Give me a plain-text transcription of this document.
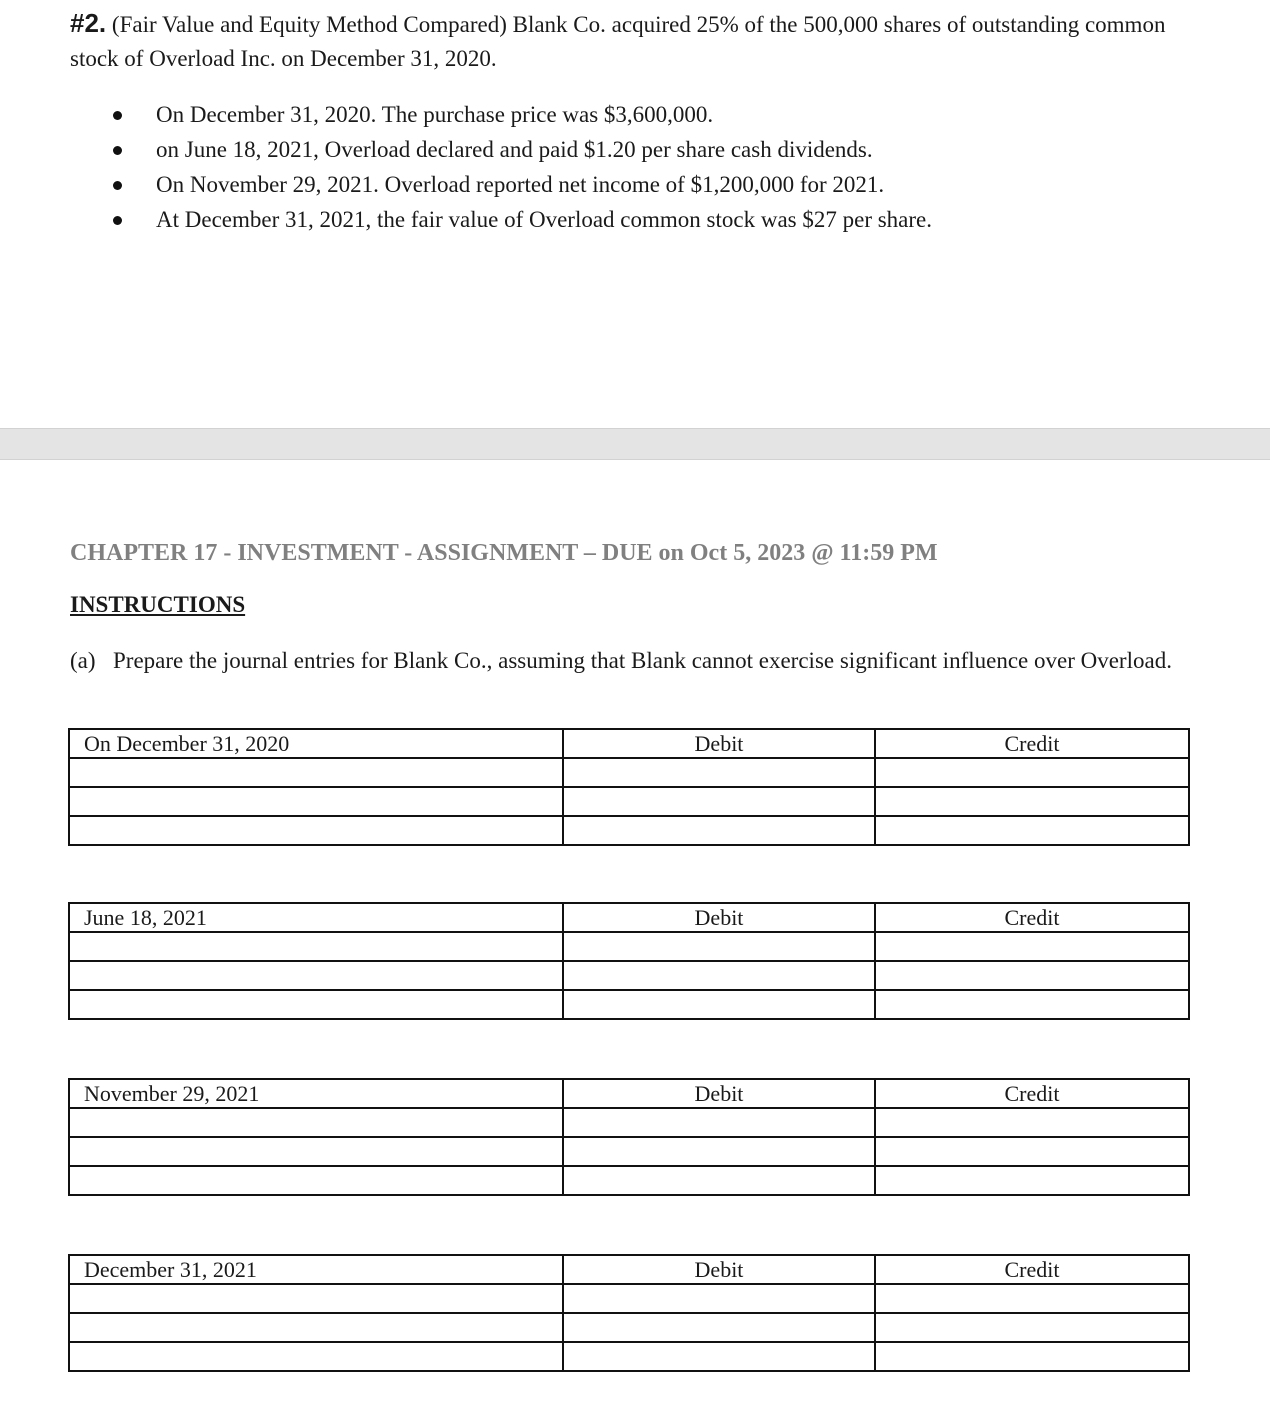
#2. (Fair Value and Equity Method Compared) Blank Co. acquired 25% of the 500,000 shares of outstanding common stock of Overload Inc. on December 31, 2020.
On December 31, 2020. The purchase price was $3,600,000.
on June 18, 2021, Overload declared and paid $1.20 per share cash dividends.
On November 29, 2021. Overload reported net income of $1,200,000 for 2021.
At December 31, 2021, the fair value of Overload common stock was $27 per share.
CHAPTER 17 - INVESTMENT - ASSIGNMENT – DUE on Oct 5, 2023 @ 11:59 PM
INSTRUCTIONS
(a) Prepare the journal entries for Blank Co., assuming that Blank cannot exercise significant influence over Overload.
On December 31, 2020	Debit	Credit

June 18, 2021	Debit	Credit

November 29, 2021	Debit	Credit

December 31, 2021	Debit	Credit
